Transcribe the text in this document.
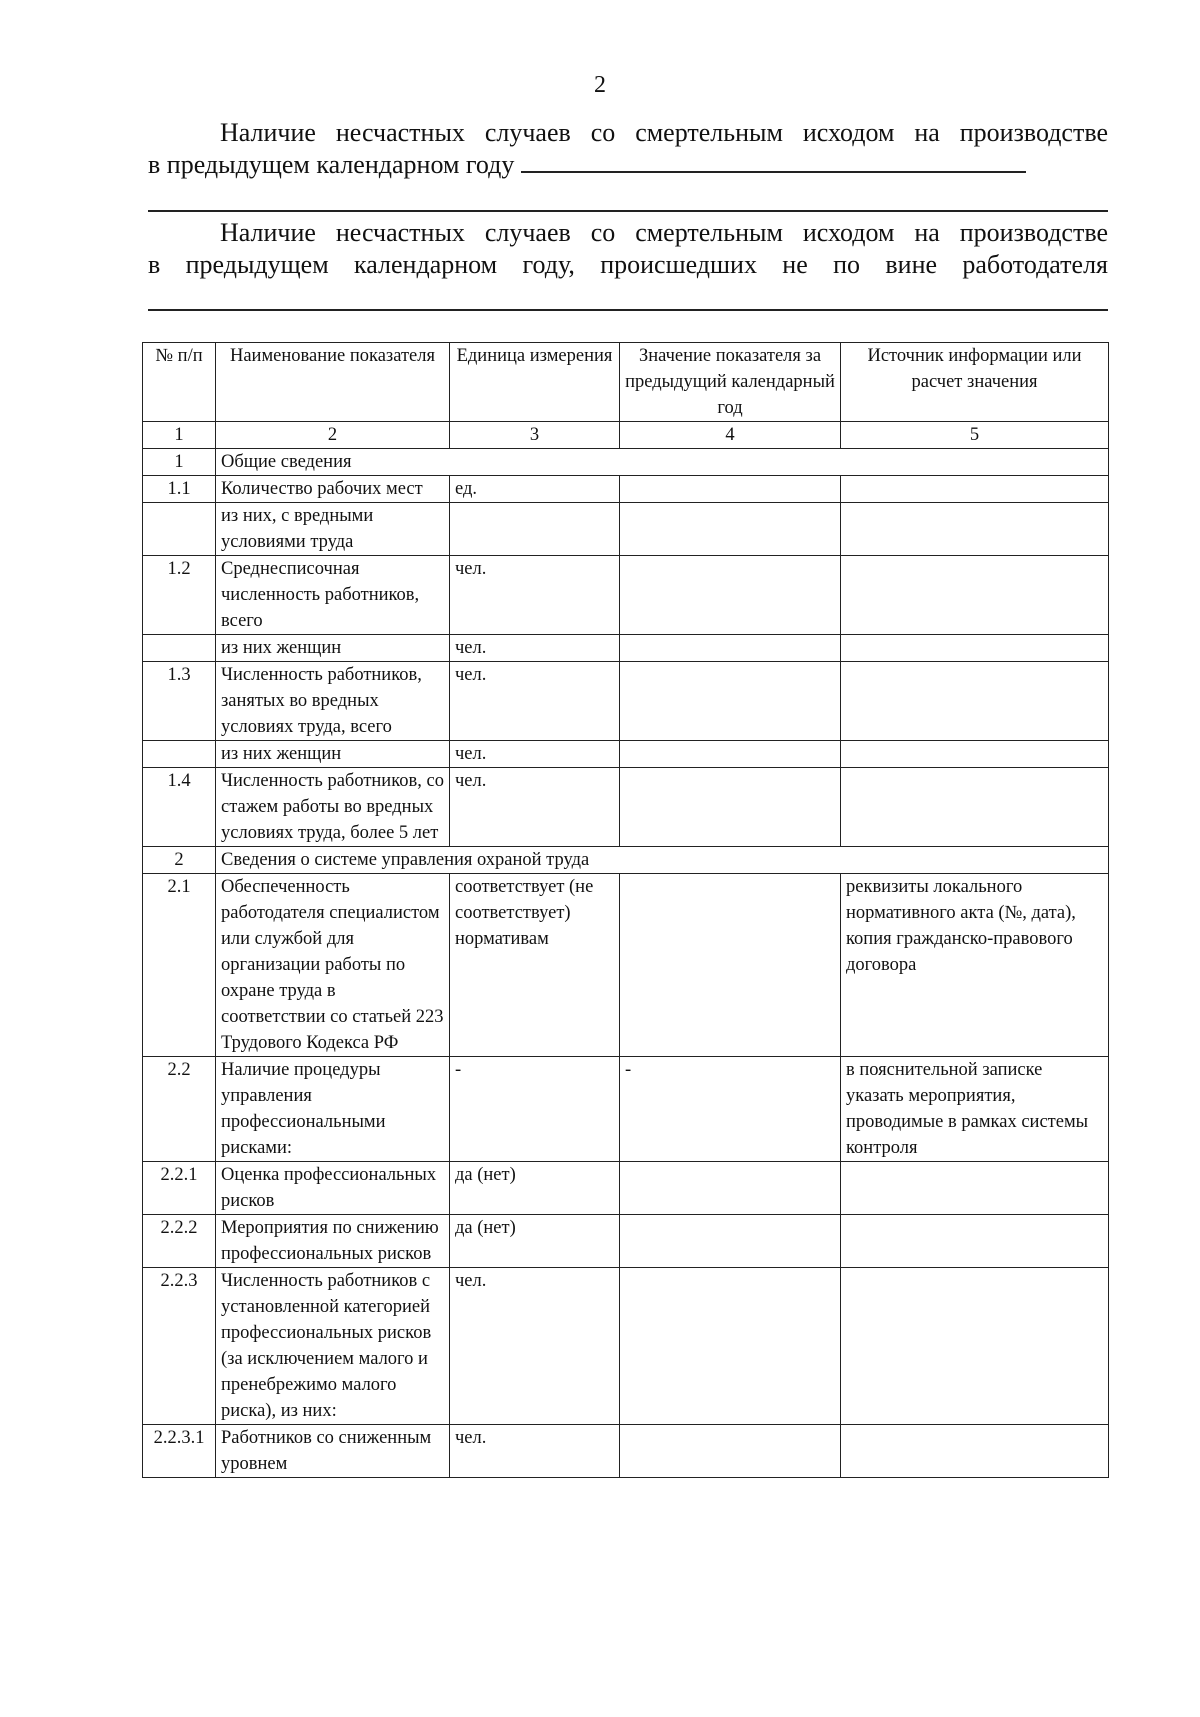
2
Наличие несчастных случаев со смертельным исходом на производстве
в предыдущем календарном году
Наличие несчастных случаев со смертельным исходом на производстве
в предыдущем календарном году, происшедших не по вине работодателя
№ п/п	Наименование показателя	Единица измерения	Значение показателя за предыдущий календарный год	Источник информации или расчет значения
1	2	3	4	5
1	Общие сведения			
1.1	Количество рабочих мест	ед.		
	из них, с вредными условиями труда			
1.2	Среднесписочная численность работников, всего	чел.		
	из них женщин	чел.		
1.3	Численность работников, занятых во вредных условиях труда, всего	чел.		
	из них женщин	чел.		
1.4	Численность работников, со стажем работы во вредных условиях труда, более 5 лет	чел.		
2	Сведения о системе управления охраной труда			
2.1	Обеспеченность работодателя специалистом или службой для организации работы по охране труда в соответствии со статьей 223 Трудового Кодекса РФ	соответствует (не соответствует) нормативам		реквизиты локального нормативного акта (№, дата), копия гражданско-правового договора
2.2	Наличие процедуры управления профессиональными рисками:	-	-	в пояснительной записке указать мероприятия, проводимые в рамках системы контроля
2.2.1	Оценка профессиональных рисков	да (нет)		
2.2.2	Мероприятия по снижению профессиональных рисков	да (нет)		
2.2.3	Численность работников с установленной категорией профессиональных рисков (за исключением малого и пренебрежимо малого риска), из них:	чел.		
2.2.3.1	Работников со сниженным уровнем	чел.		
